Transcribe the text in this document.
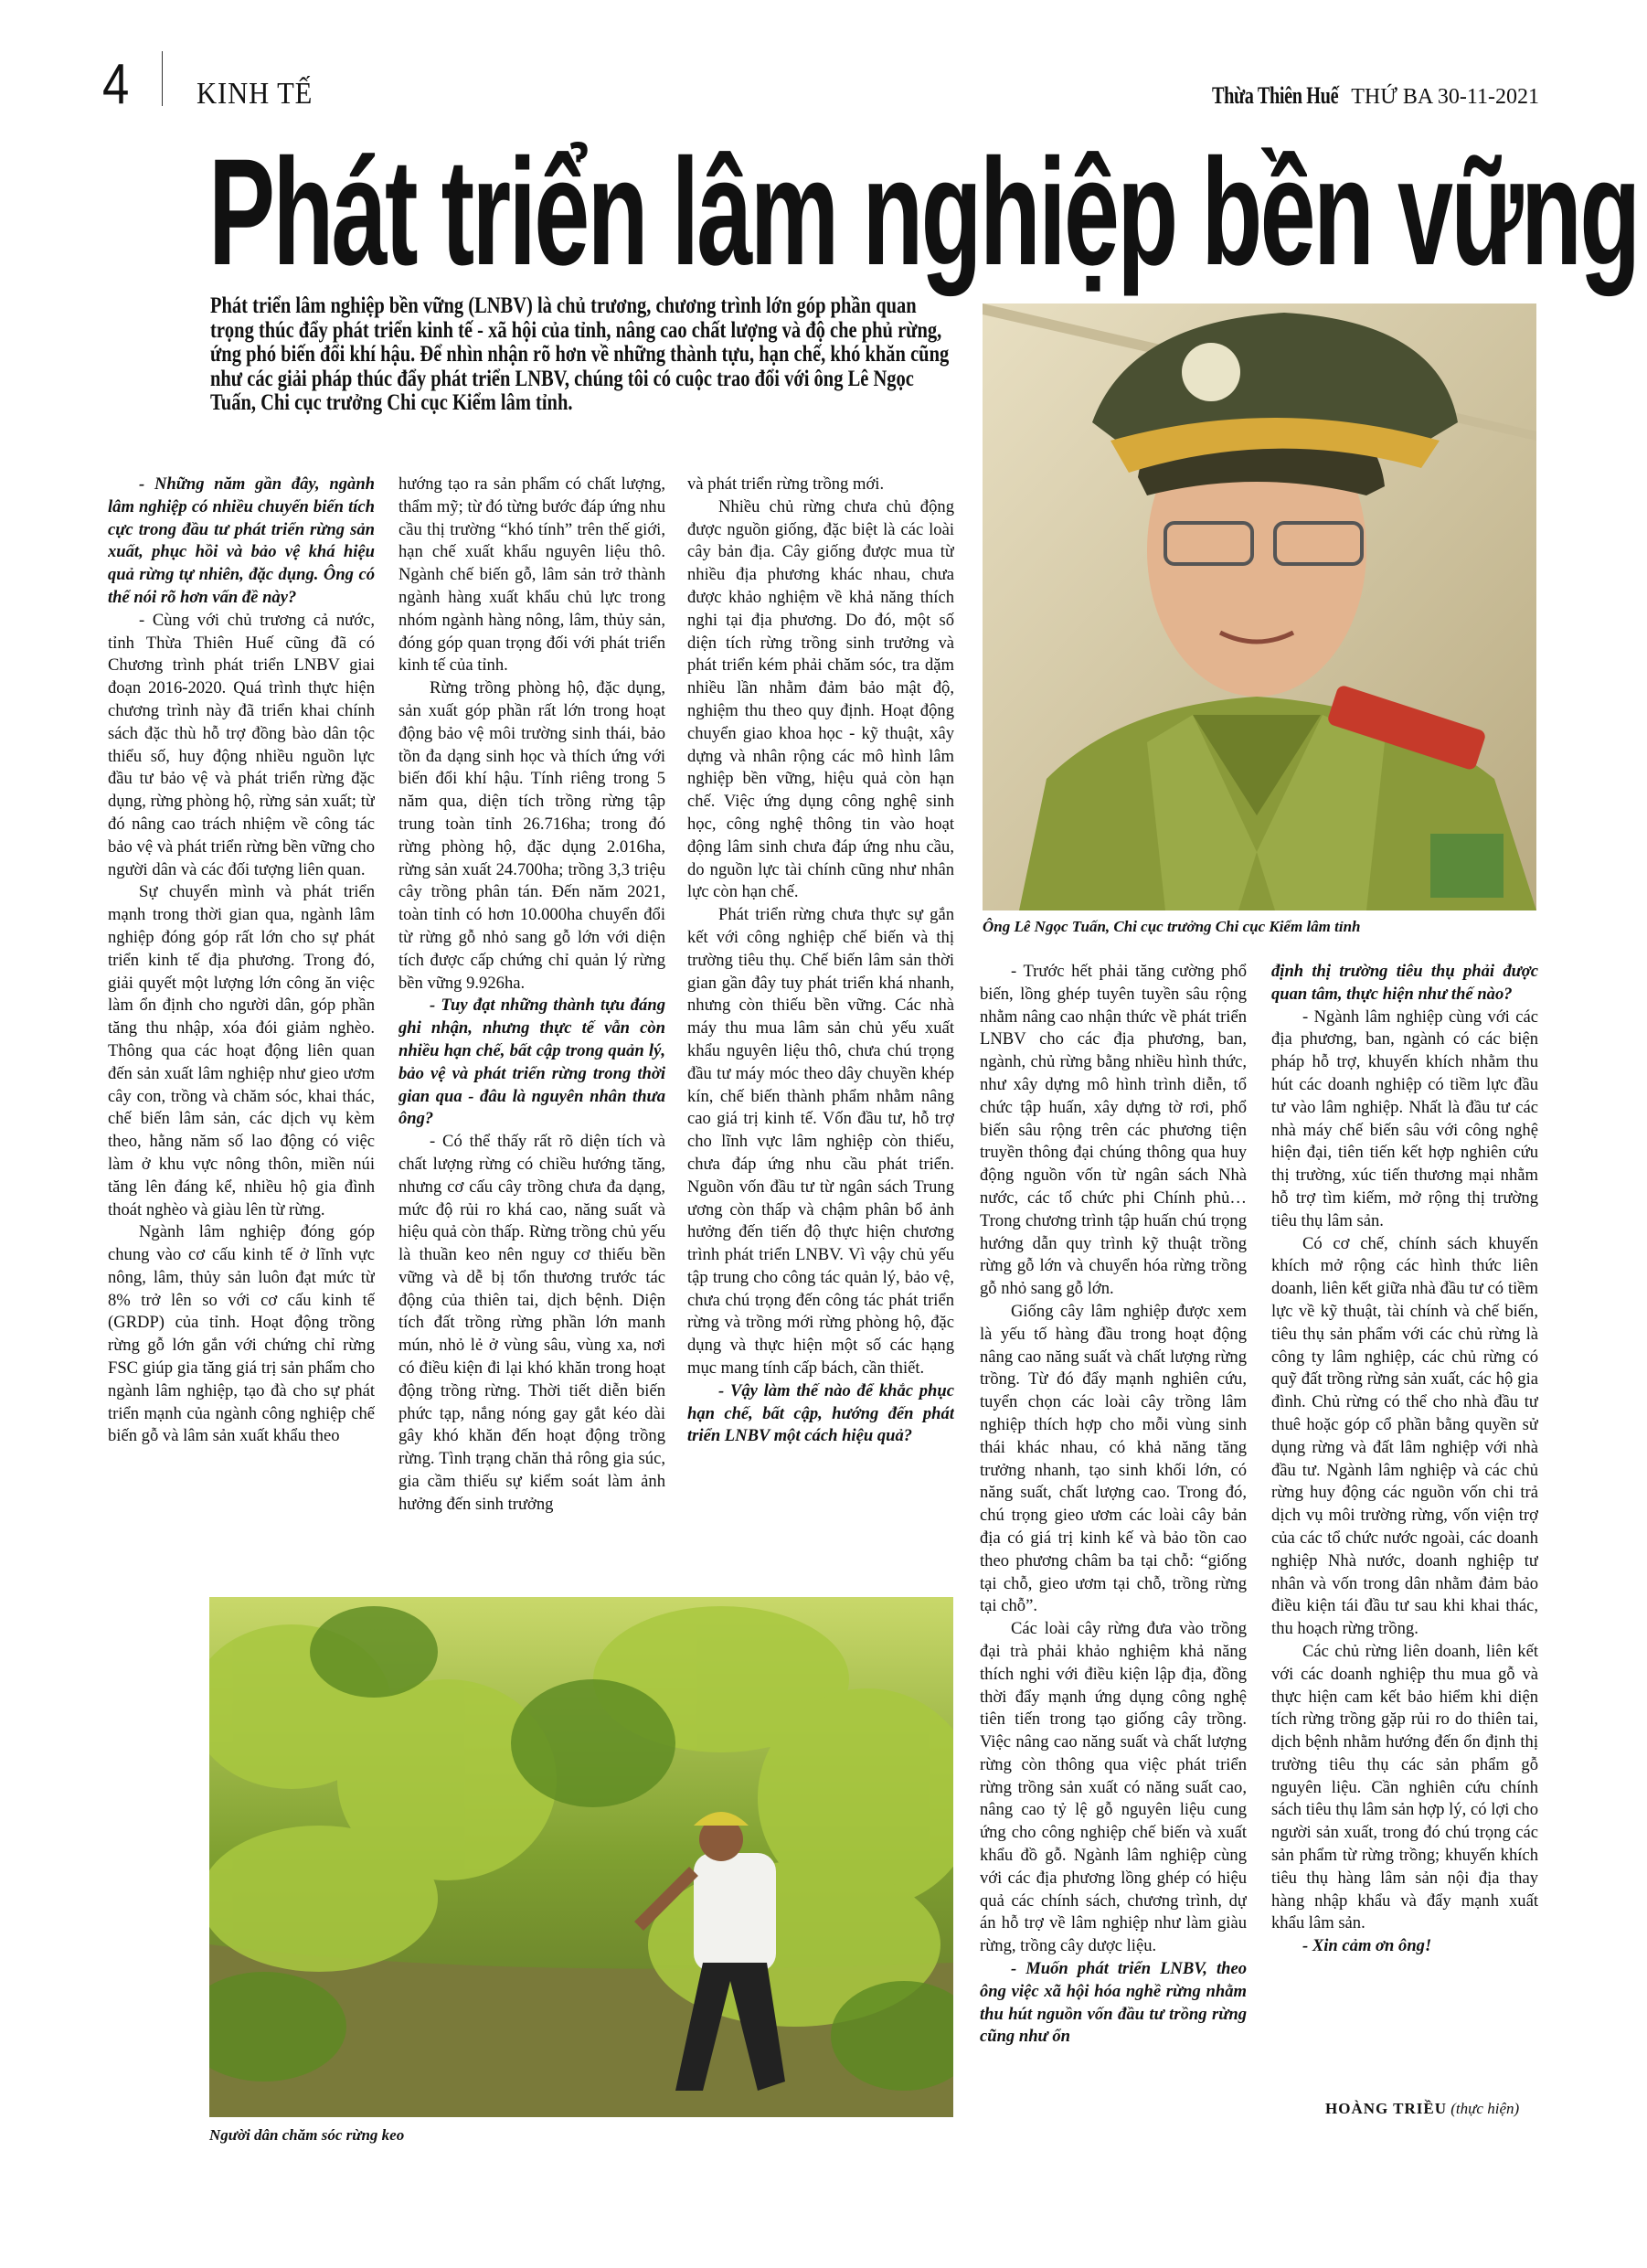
4 KINH TẾ	Thừa Thiên Huế THỨ BA 30-11-2021
Phát triển lâm nghiệp bền vững
Phát triển lâm nghiệp bền vững (LNBV) là chủ trương, chương trình lớn góp phần quan trọng thúc đẩy phát triển kinh tế - xã hội của tỉnh, nâng cao chất lượng và độ che phủ rừng, ứng phó biến đổi khí hậu. Để nhìn nhận rõ hơn về những thành tựu, hạn chế, khó khăn cũng như các giải pháp thúc đẩy phát triển LNBV, chúng tôi có cuộc trao đổi với ông Lê Ngọc Tuấn, Chi cục trưởng Chi cục Kiểm lâm tỉnh.
Ông Lê Ngọc Tuấn, Chi cục trưởng Chi cục Kiểm lâm tỉnh

- Những năm gần đây, ngành lâm nghiệp có nhiều chuyển biến tích cực trong đầu tư phát triển rừng sản xuất, phục hồi và bảo vệ khá hiệu quả rừng tự nhiên, đặc dụng. Ông có thể nói rõ hơn vấn đề này?

- Cùng với chủ trương cả nước, tỉnh Thừa Thiên Huế cũng đã có Chương trình phát triển LNBV giai đoạn 2016-2020. Quá trình thực hiện chương trình này đã triển khai chính sách đặc thù hỗ trợ đồng bào dân tộc thiểu số, huy động nhiều nguồn lực đầu tư bảo vệ và phát triển rừng đặc dụng, rừng phòng hộ, rừng sản xuất; từ đó nâng cao trách nhiệm về công tác bảo vệ và phát triển rừng bền vững cho người dân và các đối tượng liên quan.

Sự chuyển mình và phát triển mạnh trong thời gian qua, ngành lâm nghiệp đóng góp rất lớn cho sự phát triển kinh tế địa phương. Trong đó, giải quyết một lượng lớn công ăn việc làm ổn định cho người dân, góp phần tăng thu nhập, xóa đói giảm nghèo. Thông qua các hoạt động liên quan đến sản xuất lâm nghiệp như gieo ươm cây con, trồng và chăm sóc, khai thác, chế biến lâm sản, các dịch vụ kèm theo, hằng năm số lao động có việc làm ở khu vực nông thôn, miền núi tăng lên đáng kể, nhiều hộ gia đình thoát nghèo và giàu lên từ rừng.

Ngành lâm nghiệp đóng góp chung vào cơ cấu kinh tế ở lĩnh vực nông, lâm, thủy sản luôn đạt mức từ 8% trở lên so với cơ cấu kinh tế (GRDP) của tỉnh. Hoạt động trồng rừng gỗ lớn gắn với chứng chỉ rừng FSC giúp gia tăng giá trị sản phẩm cho ngành lâm nghiệp, tạo đà cho sự phát triển mạnh của ngành công nghiệp chế biến gỗ và lâm sản xuất khẩu theo

hướng tạo ra sản phẩm có chất lượng, thẩm mỹ; từ đó từng bước đáp ứng nhu cầu thị trường “khó tính” trên thế giới, hạn chế xuất khẩu nguyên liệu thô. Ngành chế biến gỗ, lâm sản trở thành ngành hàng xuất khẩu chủ lực trong nhóm ngành hàng nông, lâm, thủy sản, đóng góp quan trọng đối với phát triển kinh tế của tỉnh.

Rừng trồng phòng hộ, đặc dụng, sản xuất góp phần rất lớn trong hoạt động bảo vệ môi trường sinh thái, bảo tồn đa dạng sinh học và thích ứng với biến đổi khí hậu. Tính riêng trong 5 năm qua, diện tích trồng rừng tập trung toàn tỉnh 26.716ha; trong đó rừng phòng hộ, đặc dụng 2.016ha, rừng sản xuất 24.700ha; trồng 3,3 triệu cây trồng phân tán. Đến năm 2021, toàn tỉnh có hơn 10.000ha chuyển đổi từ rừng gỗ nhỏ sang gỗ lớn với diện tích được cấp chứng chỉ quản lý rừng bền vững 9.926ha.

- Tuy đạt những thành tựu đáng ghi nhận, nhưng thực tế vẫn còn nhiều hạn chế, bất cập trong quản lý, bảo vệ và phát triển rừng trong thời gian qua - đâu là nguyên nhân thưa ông?

- Có thể thấy rất rõ diện tích và chất lượng rừng có chiều hướng tăng, nhưng cơ cấu cây trồng chưa đa dạng, mức độ rủi ro khá cao, năng suất và hiệu quả còn thấp. Rừng trồng chủ yếu là thuần keo nên nguy cơ thiếu bền vững và dễ bị tổn thương trước tác động của thiên tai, dịch bệnh. Diện tích đất trồng rừng phần lớn manh mún, nhỏ lẻ ở vùng sâu, vùng xa, nơi có điều kiện đi lại khó khăn trong hoạt động trồng rừng. Thời tiết diễn biến phức tạp, nắng nóng gay gắt kéo dài gây khó khăn đến hoạt động trồng rừng. Tình trạng chăn thả rông gia súc, gia cầm thiếu sự kiểm soát làm ảnh hưởng đến sinh trưởng

và phát triển rừng trồng mới.

Nhiều chủ rừng chưa chủ động được nguồn giống, đặc biệt là các loài cây bản địa. Cây giống được mua từ nhiều địa phương khác nhau, chưa được khảo nghiệm về khả năng thích nghi tại địa phương. Do đó, một số diện tích rừng trồng sinh trưởng và phát triển kém phải chăm sóc, tra dặm nhiều lần nhằm đảm bảo mật độ, nghiệm thu theo quy định. Hoạt động chuyển giao khoa học - kỹ thuật, xây dựng và nhân rộng các mô hình lâm nghiệp bền vững, hiệu quả còn hạn chế. Việc ứng dụng công nghệ sinh học, công nghệ thông tin vào hoạt động lâm sinh chưa đáp ứng nhu cầu, do nguồn lực tài chính cũng như nhân lực còn hạn chế.

Phát triển rừng chưa thực sự gắn kết với công nghiệp chế biến và thị trường tiêu thụ. Chế biến lâm sản thời gian gần đây tuy phát triển khá nhanh, nhưng còn thiếu bền vững. Các nhà máy thu mua lâm sản chủ yếu xuất khẩu nguyên liệu thô, chưa chú trọng đầu tư máy móc theo dây chuyền khép kín, chế biến thành phẩm nhằm nâng cao giá trị kinh tế. Vốn đầu tư, hỗ trợ cho lĩnh vực lâm nghiệp còn thiếu, chưa đáp ứng nhu cầu phát triển. Nguồn vốn đầu tư từ ngân sách Trung ương còn thấp và chậm phân bổ ảnh hưởng đến tiến độ thực hiện chương trình phát triển LNBV. Vì vậy chủ yếu tập trung cho công tác quản lý, bảo vệ, chưa chú trọng đến công tác phát triển rừng và trồng mới rừng phòng hộ, đặc dụng và thực hiện một số các hạng mục mang tính cấp bách, cần thiết.

- Vậy làm thế nào để khắc phục hạn chế, bất cập, hướng đến phát triển LNBV một cách hiệu quả?

Người dân chăm sóc rừng keo

- Trước hết phải tăng cường phổ biến, lồng ghép tuyên tuyền sâu rộng nhằm nâng cao nhận thức về phát triển LNBV cho các địa phương, ban, ngành, chủ rừng bằng nhiều hình thức, như xây dựng mô hình trình diễn, tổ chức tập huấn, xây dựng tờ rơi, phổ biến sâu rộng trên các phương tiện truyền thông đại chúng thông qua huy động nguồn vốn từ ngân sách Nhà nước, các tổ chức phi Chính phủ… Trong chương trình tập huấn chú trọng hướng dẫn quy trình kỹ thuật trồng rừng gỗ lớn và chuyển hóa rừng trồng gỗ nhỏ sang gỗ lớn.

Giống cây lâm nghiệp được xem là yếu tố hàng đầu trong hoạt động nâng cao năng suất và chất lượng rừng trồng. Từ đó đẩy mạnh nghiên cứu, tuyển chọn các loài cây trồng lâm nghiệp thích hợp cho mỗi vùng sinh thái khác nhau, có khả năng tăng trưởng nhanh, tạo sinh khối lớn, có năng suất, chất lượng cao. Trong đó, chú trọng gieo ươm các loài cây bản địa có giá trị kinh kế và bảo tồn cao theo phương châm ba tại chỗ: “giống tại chỗ, gieo ươm tại chỗ, trồng rừng tại chỗ”.

Các loài cây rừng đưa vào trồng đại trà phải khảo nghiệm khả năng thích nghi với điều kiện lập địa, đồng thời đẩy mạnh ứng dụng công nghệ tiên tiến trong tạo giống cây trồng. Việc nâng cao năng suất và chất lượng rừng còn thông qua việc phát triển rừng trồng sản xuất có năng suất cao, nâng cao tỷ lệ gỗ nguyên liệu cung ứng cho công nghiệp chế biến và xuất khẩu đồ gỗ. Ngành lâm nghiệp cùng với các địa phương lồng ghép có hiệu quả các chính sách, chương trình, dự án hỗ trợ về lâm nghiệp như làm giàu rừng, trồng cây dược liệu.

- Muốn phát triển LNBV, theo ông việc xã hội hóa nghề rừng nhằm thu hút nguồn vốn đầu tư trồng rừng cũng như ổn

định thị trường tiêu thụ phải được quan tâm, thực hiện như thế nào?

- Ngành lâm nghiệp cùng với các địa phương, ban, ngành có các biện pháp hỗ trợ, khuyến khích nhằm thu hút các doanh nghiệp có tiềm lực đầu tư vào lâm nghiệp. Nhất là đầu tư các nhà máy chế biến sâu với công nghệ hiện đại, tiên tiến kết hợp nghiên cứu thị trường, xúc tiến thương mại nhằm hỗ trợ tìm kiếm, mở rộng thị trường tiêu thụ lâm sản.

Có cơ chế, chính sách khuyến khích mở rộng các hình thức liên doanh, liên kết giữa nhà đầu tư có tiềm lực về kỹ thuật, tài chính và chế biến, tiêu thụ sản phẩm với các chủ rừng là công ty lâm nghiệp, các chủ rừng có quỹ đất trồng rừng sản xuất, các hộ gia đình. Chủ rừng có thể cho nhà đầu tư thuê hoặc góp cổ phần bằng quyền sử dụng rừng và đất lâm nghiệp với nhà đầu tư. Ngành lâm nghiệp và các chủ rừng huy động các nguồn vốn chi trả dịch vụ môi trường rừng, vốn viện trợ của các tổ chức nước ngoài, các doanh nghiệp Nhà nước, doanh nghiệp tư nhân và vốn trong dân nhằm đảm bảo điều kiện tái đầu tư sau khi khai thác, thu hoạch rừng trồng.

Các chủ rừng liên doanh, liên kết với các doanh nghiệp thu mua gỗ và thực hiện cam kết bảo hiểm khi diện tích rừng trồng gặp rủi ro do thiên tai, dịch bệnh nhằm hướng đến ổn định thị trường tiêu thụ các sản phẩm gỗ nguyên liệu. Cần nghiên cứu chính sách tiêu thụ lâm sản hợp lý, có lợi cho người sản xuất, trong đó chú trọng các sản phẩm từ rừng trồng; khuyến khích tiêu thụ hàng lâm sản nội địa thay hàng nhập khẩu và đẩy mạnh xuất khẩu lâm sản.

- Xin cảm ơn ông!

HOÀNG TRIỀU (thực hiện)
